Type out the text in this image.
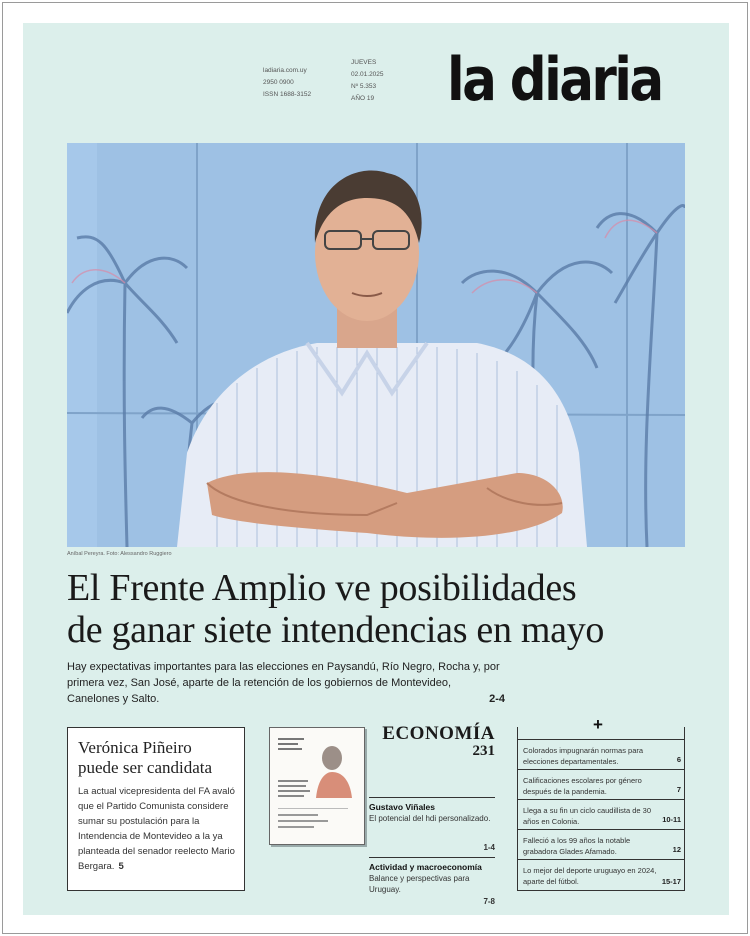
ladiaria.com.uy
2950 0900
ISSN 1688-3152
JUEVES
02.01.2025
Nº 5.353
AÑO 19 la diaria
Aníbal Pereyra. Foto: Alessandro Ruggiero
El Frente Amplio ve posibilidades
de ganar siete intendencias en mayo
Hay expectativas importantes para las elecciones en Paysandú, Río Negro, Rocha y, por primera vez, San José, aparte de la retención de los gobiernos de Montevideo, Canelones y Salto.	2-4
Verónica Piñeiro puede ser candidata
La actual vicepresidenta del FA avaló que el Partido Comunista considere sumar su postulación para la Intendencia de Montevideo a la ya planteada del senador reelecto Mario Bergara. 5
ECONOMÍA
231
Gustavo Viñales
El potencial del hdi personalizado.
1-4
Actividad y macroeconomía
Balance y perspectivas para Uruguay.
7-8
+
Colorados impugnarán normas para elecciones departamentales.	6
Calificaciones escolares por género después de la pandemia.	7
Llega a su fin un ciclo caudillista de 30 años en Colonia.	10-11
Falleció a los 99 años la notable grabadora Glades Afamado.	12
Lo mejor del deporte uruguayo en 2024, aparte del fútbol.	15-17
